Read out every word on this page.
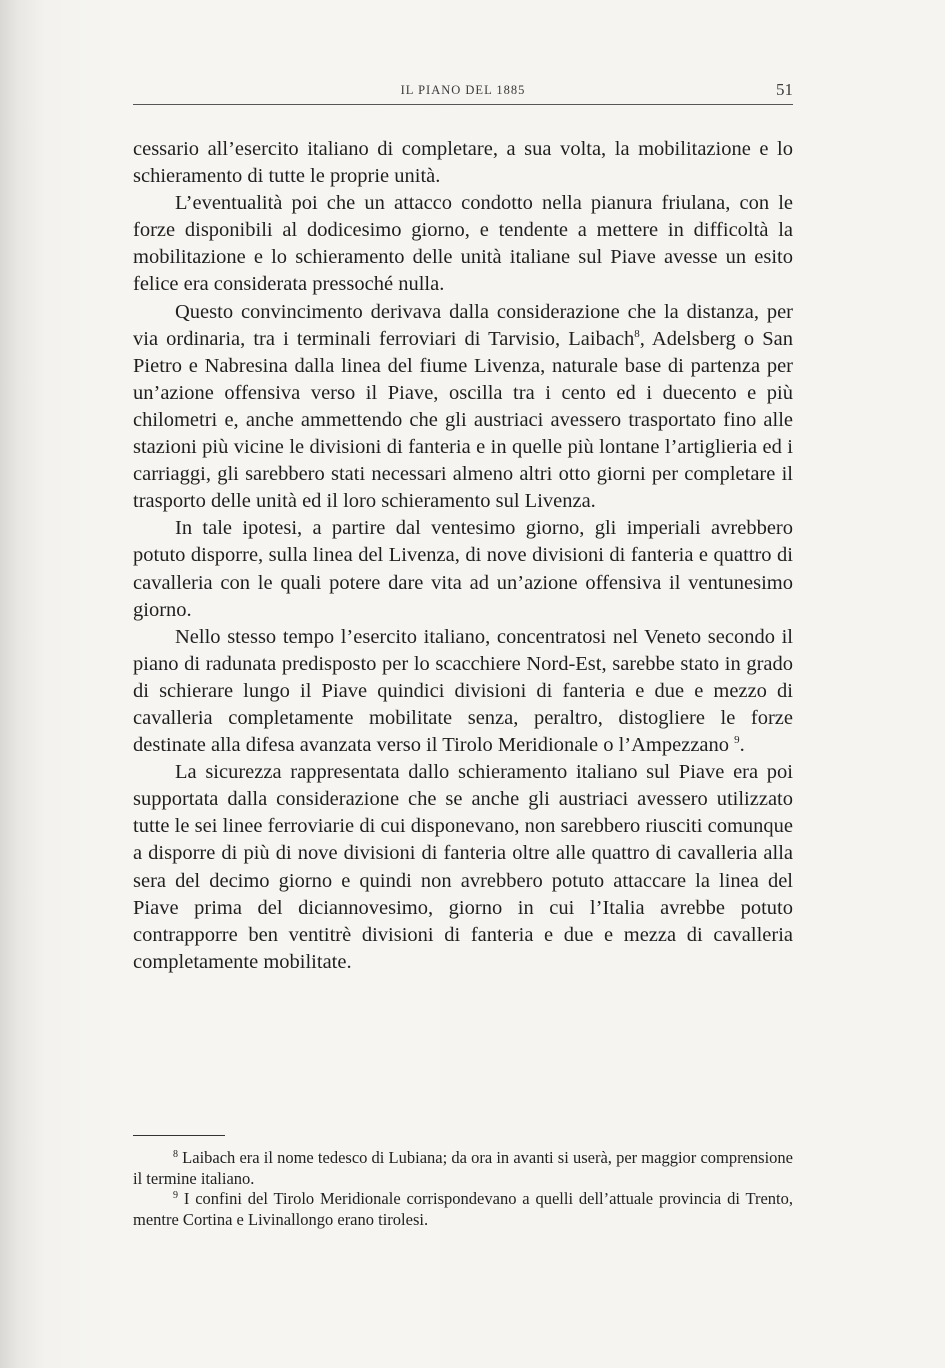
IL PIANO DEL 1885	51

cessario all’esercito italiano di completare, a sua volta, la mobilitazione e lo schieramento di tutte le proprie unità.

L’eventualità poi che un attacco condotto nella pianura friulana, con le forze disponibili al dodicesimo giorno, e tendente a mettere in difficoltà la mobilitazione e lo schieramento delle unità italiane sul Piave avesse un esito felice era considerata pressoché nulla.

Questo convincimento derivava dalla considerazione che la distanza, per via ordinaria, tra i terminali ferroviari di Tarvisio, Laibach$^8$, Adelsberg o San Pietro e Nabresina dalla linea del fiume Livenza, naturale base di partenza per un’azione offensiva verso il Piave, oscilla tra i cento ed i duecento e più chilometri e, anche ammettendo che gli austriaci avessero trasportato fino alle stazioni più vicine le divisioni di fanteria e in quelle più lontane l’artiglieria ed i carriaggi, gli sarebbero stati necessari almeno altri otto giorni per completare il trasporto delle unità ed il loro schieramento sul Livenza.

In tale ipotesi, a partire dal ventesimo giorno, gli imperiali avrebbero potuto disporre, sulla linea del Livenza, di nove divisioni di fanteria e quattro di cavalleria con le quali potere dare vita ad un’azione offensiva il ventunesimo giorno.

Nello stesso tempo l’esercito italiano, concentratosi nel Veneto secondo il piano di radunata predisposto per lo scacchiere Nord-Est, sarebbe stato in grado di schierare lungo il Piave quindici divisioni di fanteria e due e mezzo di cavalleria completamente mobilitate senza, peraltro, distogliere le forze destinate alla difesa avanzata verso il Tirolo Meridionale o l’Ampezzano $^9$.

La sicurezza rappresentata dallo schieramento italiano sul Piave era poi supportata dalla considerazione che se anche gli austriaci avessero utilizzato tutte le sei linee ferroviarie di cui disponevano, non sarebbero riusciti comunque a disporre di più di nove divisioni di fanteria oltre alle quattro di cavalleria alla sera del decimo giorno e quindi non avrebbero potuto attaccare la linea del Piave prima del diciannovesimo, giorno in cui l’Italia avrebbe potuto contrapporre ben ventitrè divisioni di fanteria e due e mezza di cavalleria completamente mobilitate.

$^8$ Laibach era il nome tedesco di Lubiana; da ora in avanti si userà, per maggior comprensione il termine italiano.

$^9$ I confini del Tirolo Meridionale corrispondevano a quelli dell’attuale provincia di Trento, mentre Cortina e Livinallongo erano tirolesi.
